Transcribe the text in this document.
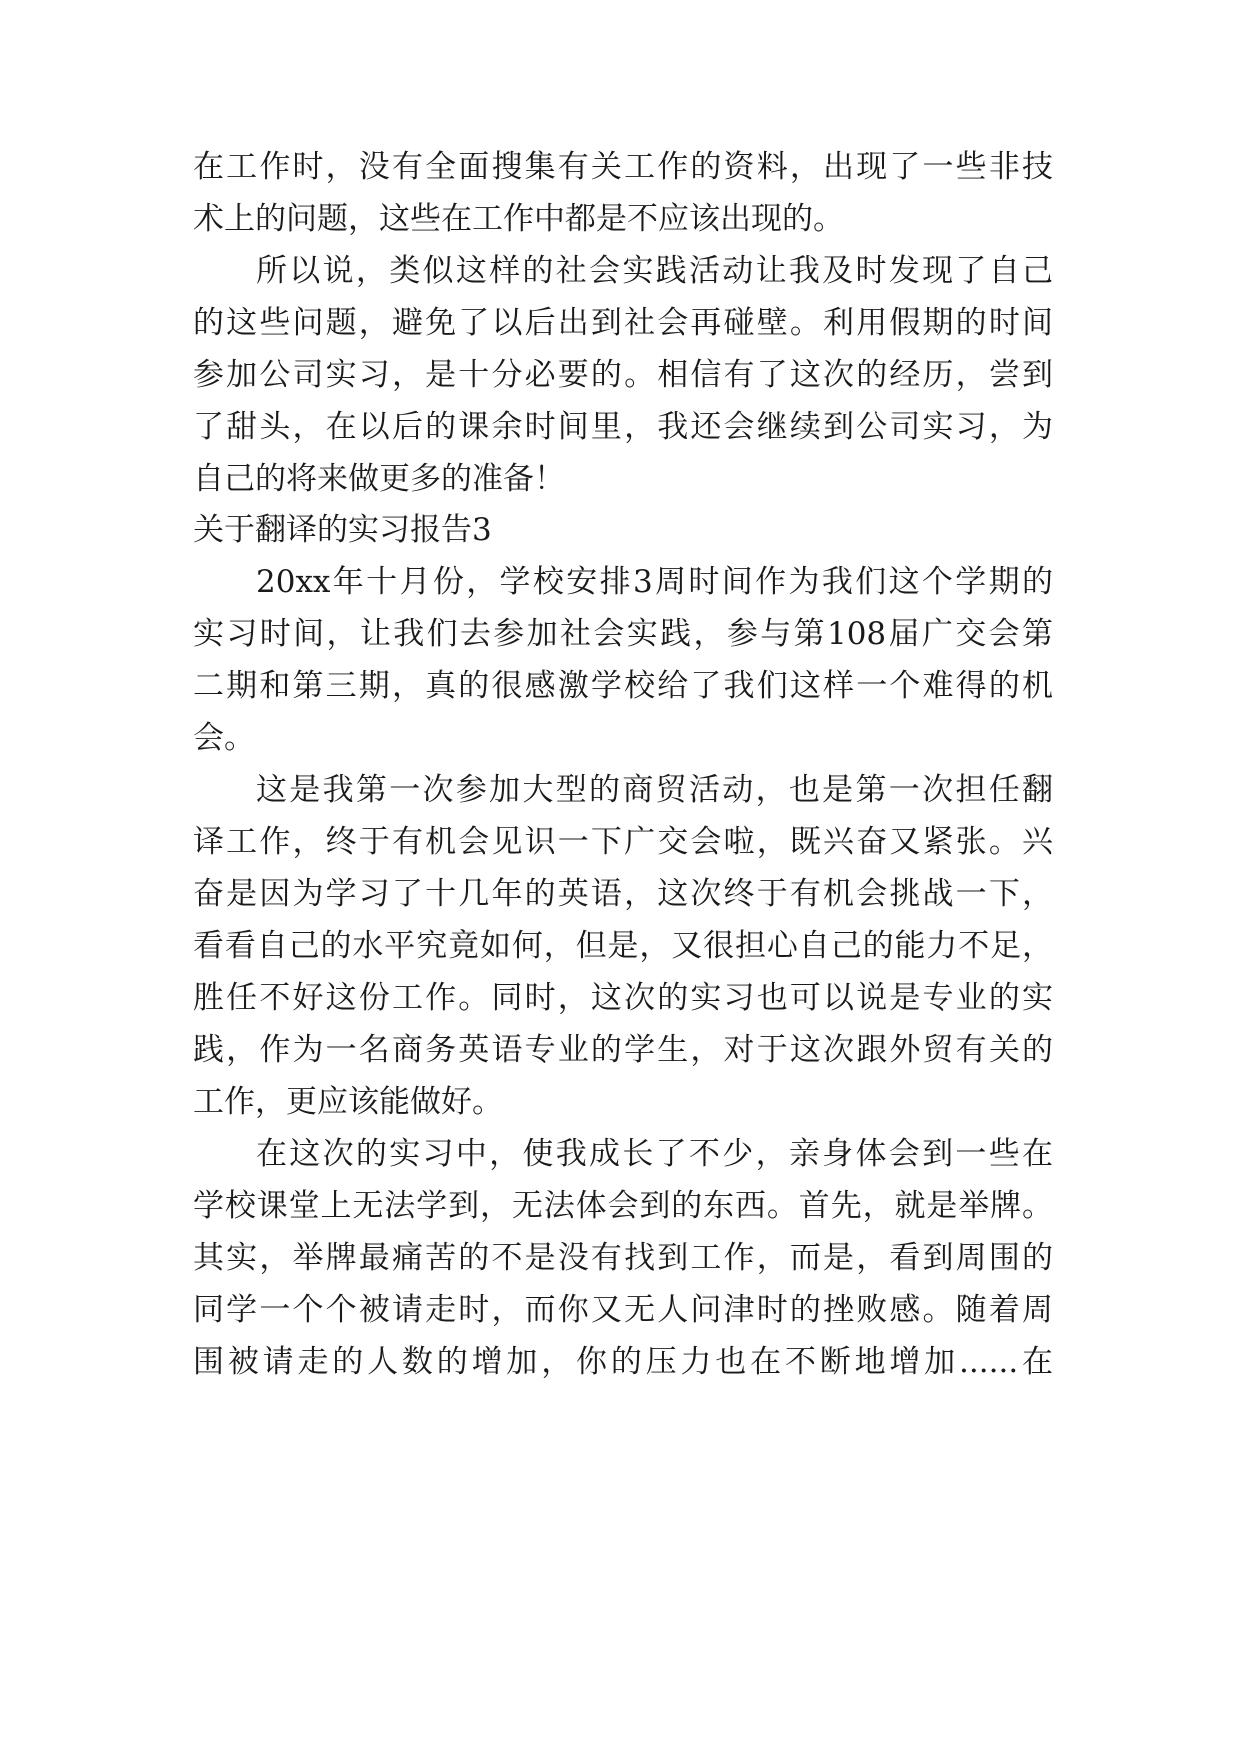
在工作时，没有全面搜集有关工作的资料，出现了一些非技
术上的问题，这些在工作中都是不应该出现的。
所以说，类似这样的社会实践活动让我及时发现了自己
的这些问题，避免了以后出到社会再碰壁。利用假期的时间
参加公司实习，是十分必要的。相信有了这次的经历，尝到
了甜头，在以后的课余时间里，我还会继续到公司实习，为
自己的将来做更多的准备！
关于翻译的实习报告3
20xx年十月份，学校安排3周时间作为我们这个学期的
实习时间，让我们去参加社会实践，参与第108届广交会第
二期和第三期，真的很感激学校给了我们这样一个难得的机
会。
这是我第一次参加大型的商贸活动，也是第一次担任翻
译工作，终于有机会见识一下广交会啦，既兴奋又紧张。兴
奋是因为学习了十几年的英语，这次终于有机会挑战一下，
看看自己的水平究竟如何，但是，又很担心自己的能力不足，
胜任不好这份工作。同时，这次的实习也可以说是专业的实
践，作为一名商务英语专业的学生，对于这次跟外贸有关的
工作，更应该能做好。
在这次的实习中，使我成长了不少，亲身体会到一些在
学校课堂上无法学到，无法体会到的东西。首先，就是举牌。
其实，举牌最痛苦的不是没有找到工作，而是，看到周围的
同学一个个被请走时，而你又无人问津时的挫败感。随着周
围被请走的人数的增加，你的压力也在不断地增加......在
